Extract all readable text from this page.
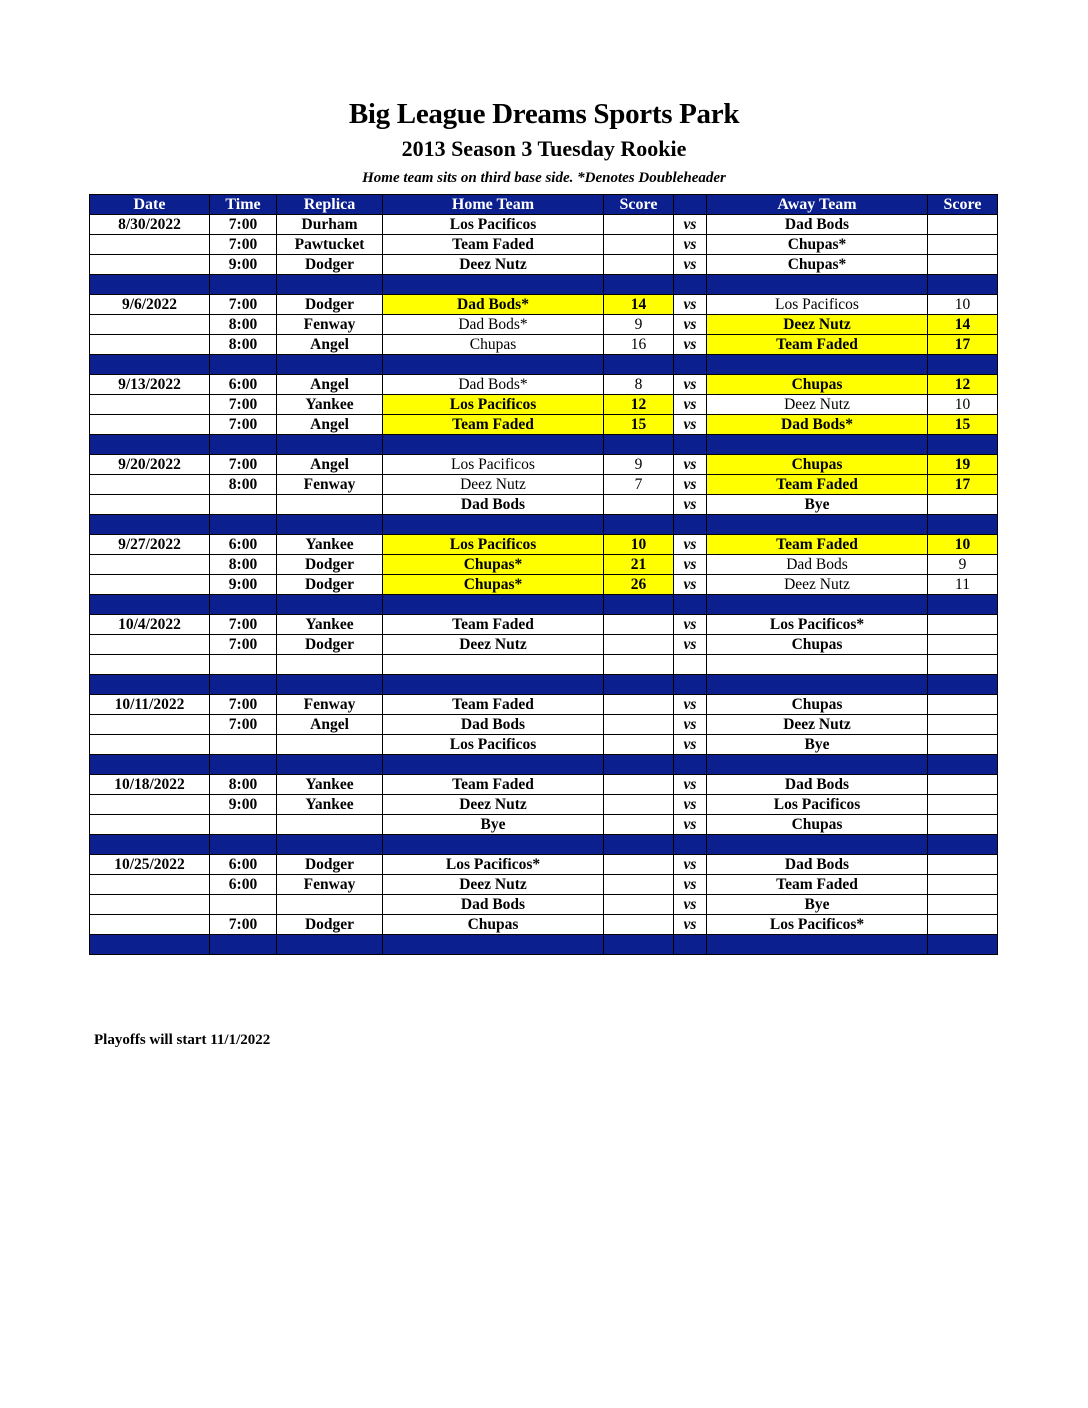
Big League Dreams Sports Park
2013 Season 3 Tuesday Rookie
Home team sits on third base side. *Denotes Doubleheader
Date	Time	Replica	Home Team	Score		Away Team	Score
8/30/2022	7:00	Durham	Los Pacificos		vs	Dad Bods	
	7:00	Pawtucket	Team Faded		vs	Chupas*	
	9:00	Dodger	Deez Nutz		vs	Chupas*	

9/6/2022	7:00	Dodger	Dad Bods*	14	vs	Los Pacificos	10
	8:00	Fenway	Dad Bods*	9	vs	Deez Nutz	14
	8:00	Angel	Chupas	16	vs	Team Faded	17

9/13/2022	6:00	Angel	Dad Bods*	8	vs	Chupas	12
	7:00	Yankee	Los Pacificos	12	vs	Deez Nutz	10
	7:00	Angel	Team Faded	15	vs	Dad Bods*	15

9/20/2022	7:00	Angel	Los Pacificos	9	vs	Chupas	19
	8:00	Fenway	Deez Nutz	7	vs	Team Faded	17
			Dad Bods		vs	Bye	

9/27/2022	6:00	Yankee	Los Pacificos	10	vs	Team Faded	10
	8:00	Dodger	Chupas*	21	vs	Dad Bods	9
	9:00	Dodger	Chupas*	26	vs	Deez Nutz	11

10/4/2022	7:00	Yankee	Team Faded		vs	Los Pacificos*	
	7:00	Dodger	Deez Nutz		vs	Chupas	

10/11/2022	7:00	Fenway	Team Faded		vs	Chupas	
	7:00	Angel	Dad Bods		vs	Deez Nutz	
			Los Pacificos		vs	Bye	

10/18/2022	8:00	Yankee	Team Faded		vs	Dad Bods	
	9:00	Yankee	Deez Nutz		vs	Los Pacificos	
			Bye		vs	Chupas	

10/25/2022	6:00	Dodger	Los Pacificos*		vs	Dad Bods	
	6:00	Fenway	Deez Nutz		vs	Team Faded	
			Dad Bods		vs	Bye	
	7:00	Dodger	Chupas		vs	Los Pacificos*	

Playoffs will start 11/1/2022
